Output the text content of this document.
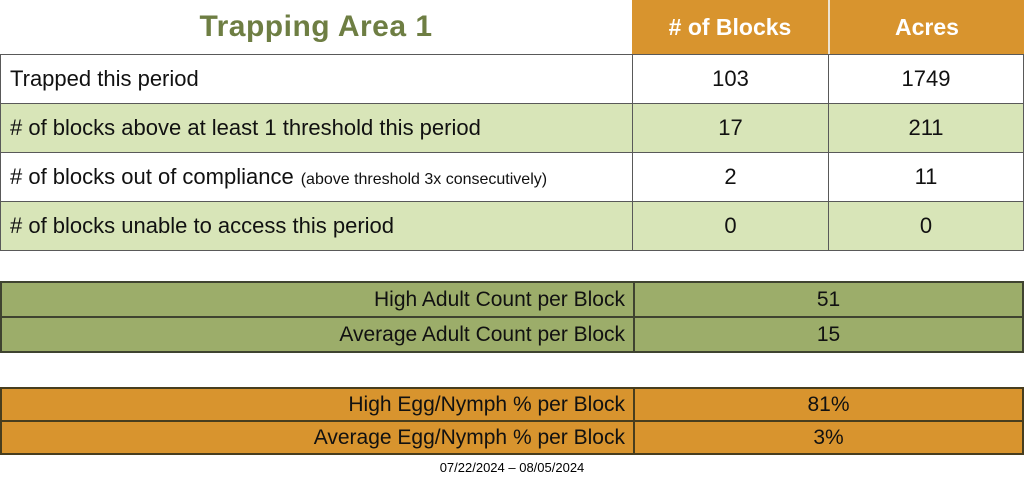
Trapping Area 1	# of Blocks	Acres
Trapped this period	103	1749
# of blocks above at least 1 threshold this period	17	211
# of blocks out of compliance (above threshold 3x consecutively)	2	11
# of blocks unable to access this period	0	0
High Adult Count per Block	51
Average Adult Count per Block	15
High Egg/Nymph % per Block	81%
Average Egg/Nymph % per Block	3%
07/22/2024 – 08/05/2024
